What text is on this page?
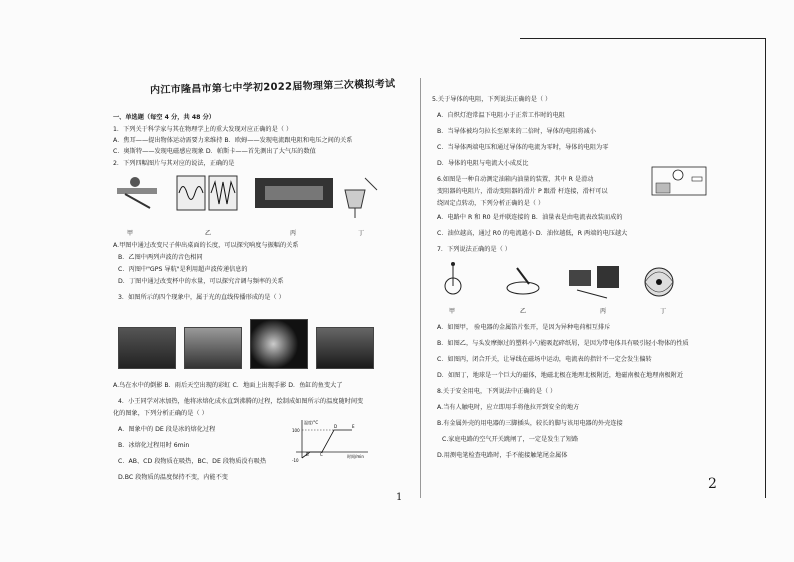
内江市隆昌市第七中学初2022届物理第三次模拟考试
一、单选题（每空 4 分，共 48 分）
1．下列关于科学家与其在物理学上的重大发现对应正确的是（ ）
A．焦耳——提出物体运动需要力来维持 B．欧姆——发现电流跟电阻和电压之间的关系
C．奥斯特——发现电磁感应现象 D．帕斯卡——首先测出了大气压的数值
2．下列四幅图片与其对应的说法，正确的是
甲	乙	丙	丁
A.甲图中通过改变尺子伸出桌面的长度，可以探究响度与振幅的关系
B．乙图中两列声波的音色相同
C．丙图中"GPS 导航"是利用超声波传递信息的
D．丁图中通过改变杯中的水量，可以探究音调与频率的关系
3．如图所示的四个现象中，属于光的直线传播形成的是（ ）
A.鸟在水中的倒影 B．雨后天空出现的彩虹 C．地面上出现手影 D．鱼缸的鱼变大了
4．小王同学对冰加热，他将冰熔化成水直到沸腾的过程，绘制成如图所示的温度随时间变
化的图象，下列分析正确的是（ ）
A．图象中的 DE 段是冰的熔化过程
B．冰熔化过程用时 6min
C．AB、CD 段物质在吸热，BC、DE 段物质没有吸热
D.BC 段物质的温度保持不变，内能不变
温度/°C
100
-10
时间/min
B	C
D	E
5.关于导体的电阻，下列说法正确的是（ ）
A．自炽灯泡常温下电阻小于正常工作时的电阻
B．当导体被均匀拉长至原来的二倍时，导体的电阻将减小
C．当导体两端电压和通过导体的电流为零时，导体的电阻为零
D．导体的电阻与电流大小成反比
6.如图是一种自动测定油箱内油量的装置，其中 R 是滑动
变阻器的电阻片，滑动变阻器的滑片 P 跟滑 杆连接，滑杆可以
绕固定点转动，下列分析正确的是（ ）
A．电路中 R 和 R0 是并联连接的 B．油量表是由电流表改装而成的
C．油位越高，通过 R0 的电流越小 D．油位越低，R 两端的电压越大
7．下列说法正确的是（ ）
甲	乙	丙	丁
A．如图甲， 验电器的金属箔片张开，是因为异种电荷相互排斥
B．如图乙，与头发摩擦过的塑料小勺能吸起碎纸屑，是因为带电体具有吸引轻小物体的性质
C．如图丙，闭合开关，让导线在磁场中运动，电流表的指针不一定会发生偏转
D．如图丁，地球是一个巨大的磁体，地磁北极在地理北极附近，地磁南极在地理南极附近
8.关于安全用电，下列说法中正确的是（ ）
A.当有人触电时，应立即用手将他拉开到安全的地方
B.有金属外壳的用电器的三脚插头，较长的脚与该用电器的外壳连接
C.家庭电路的空气开关跳闸了，一定是发生了短路
D.用测电笔检查电路时，手不能接触笔尾金属体
1
2
